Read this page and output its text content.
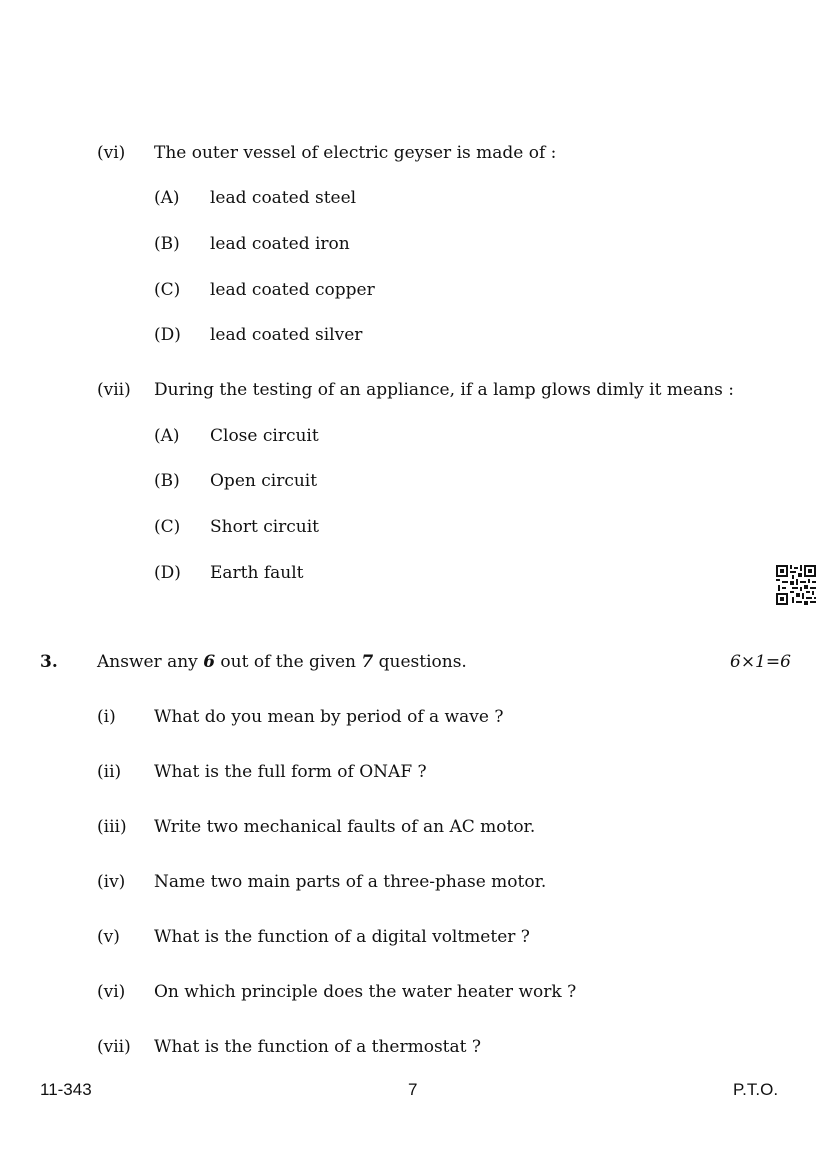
(vi) The outer vessel of electric geyser is made of :
(A) lead coated steel
(B) lead coated iron
(C) lead coated copper
(D) lead coated silver
(vii) During the testing of an appliance, if a lamp glows dimly it means :
(A) Close circuit
(B) Open circuit
(C) Short circuit
(D) Earth fault
3. Answer any 6 out of the given 7 questions.	6×1=6
(i) What do you mean by period of a wave ?
(ii) What is the full form of ONAF ?
(iii) Write two mechanical faults of an AC motor.
(iv) Name two main parts of a three-phase motor.
(v) What is the function of a digital voltmeter ?
(vi) On which principle does the water heater work ?
(vii) What is the function of a thermostat ?
11-343	7	P.T.O.
